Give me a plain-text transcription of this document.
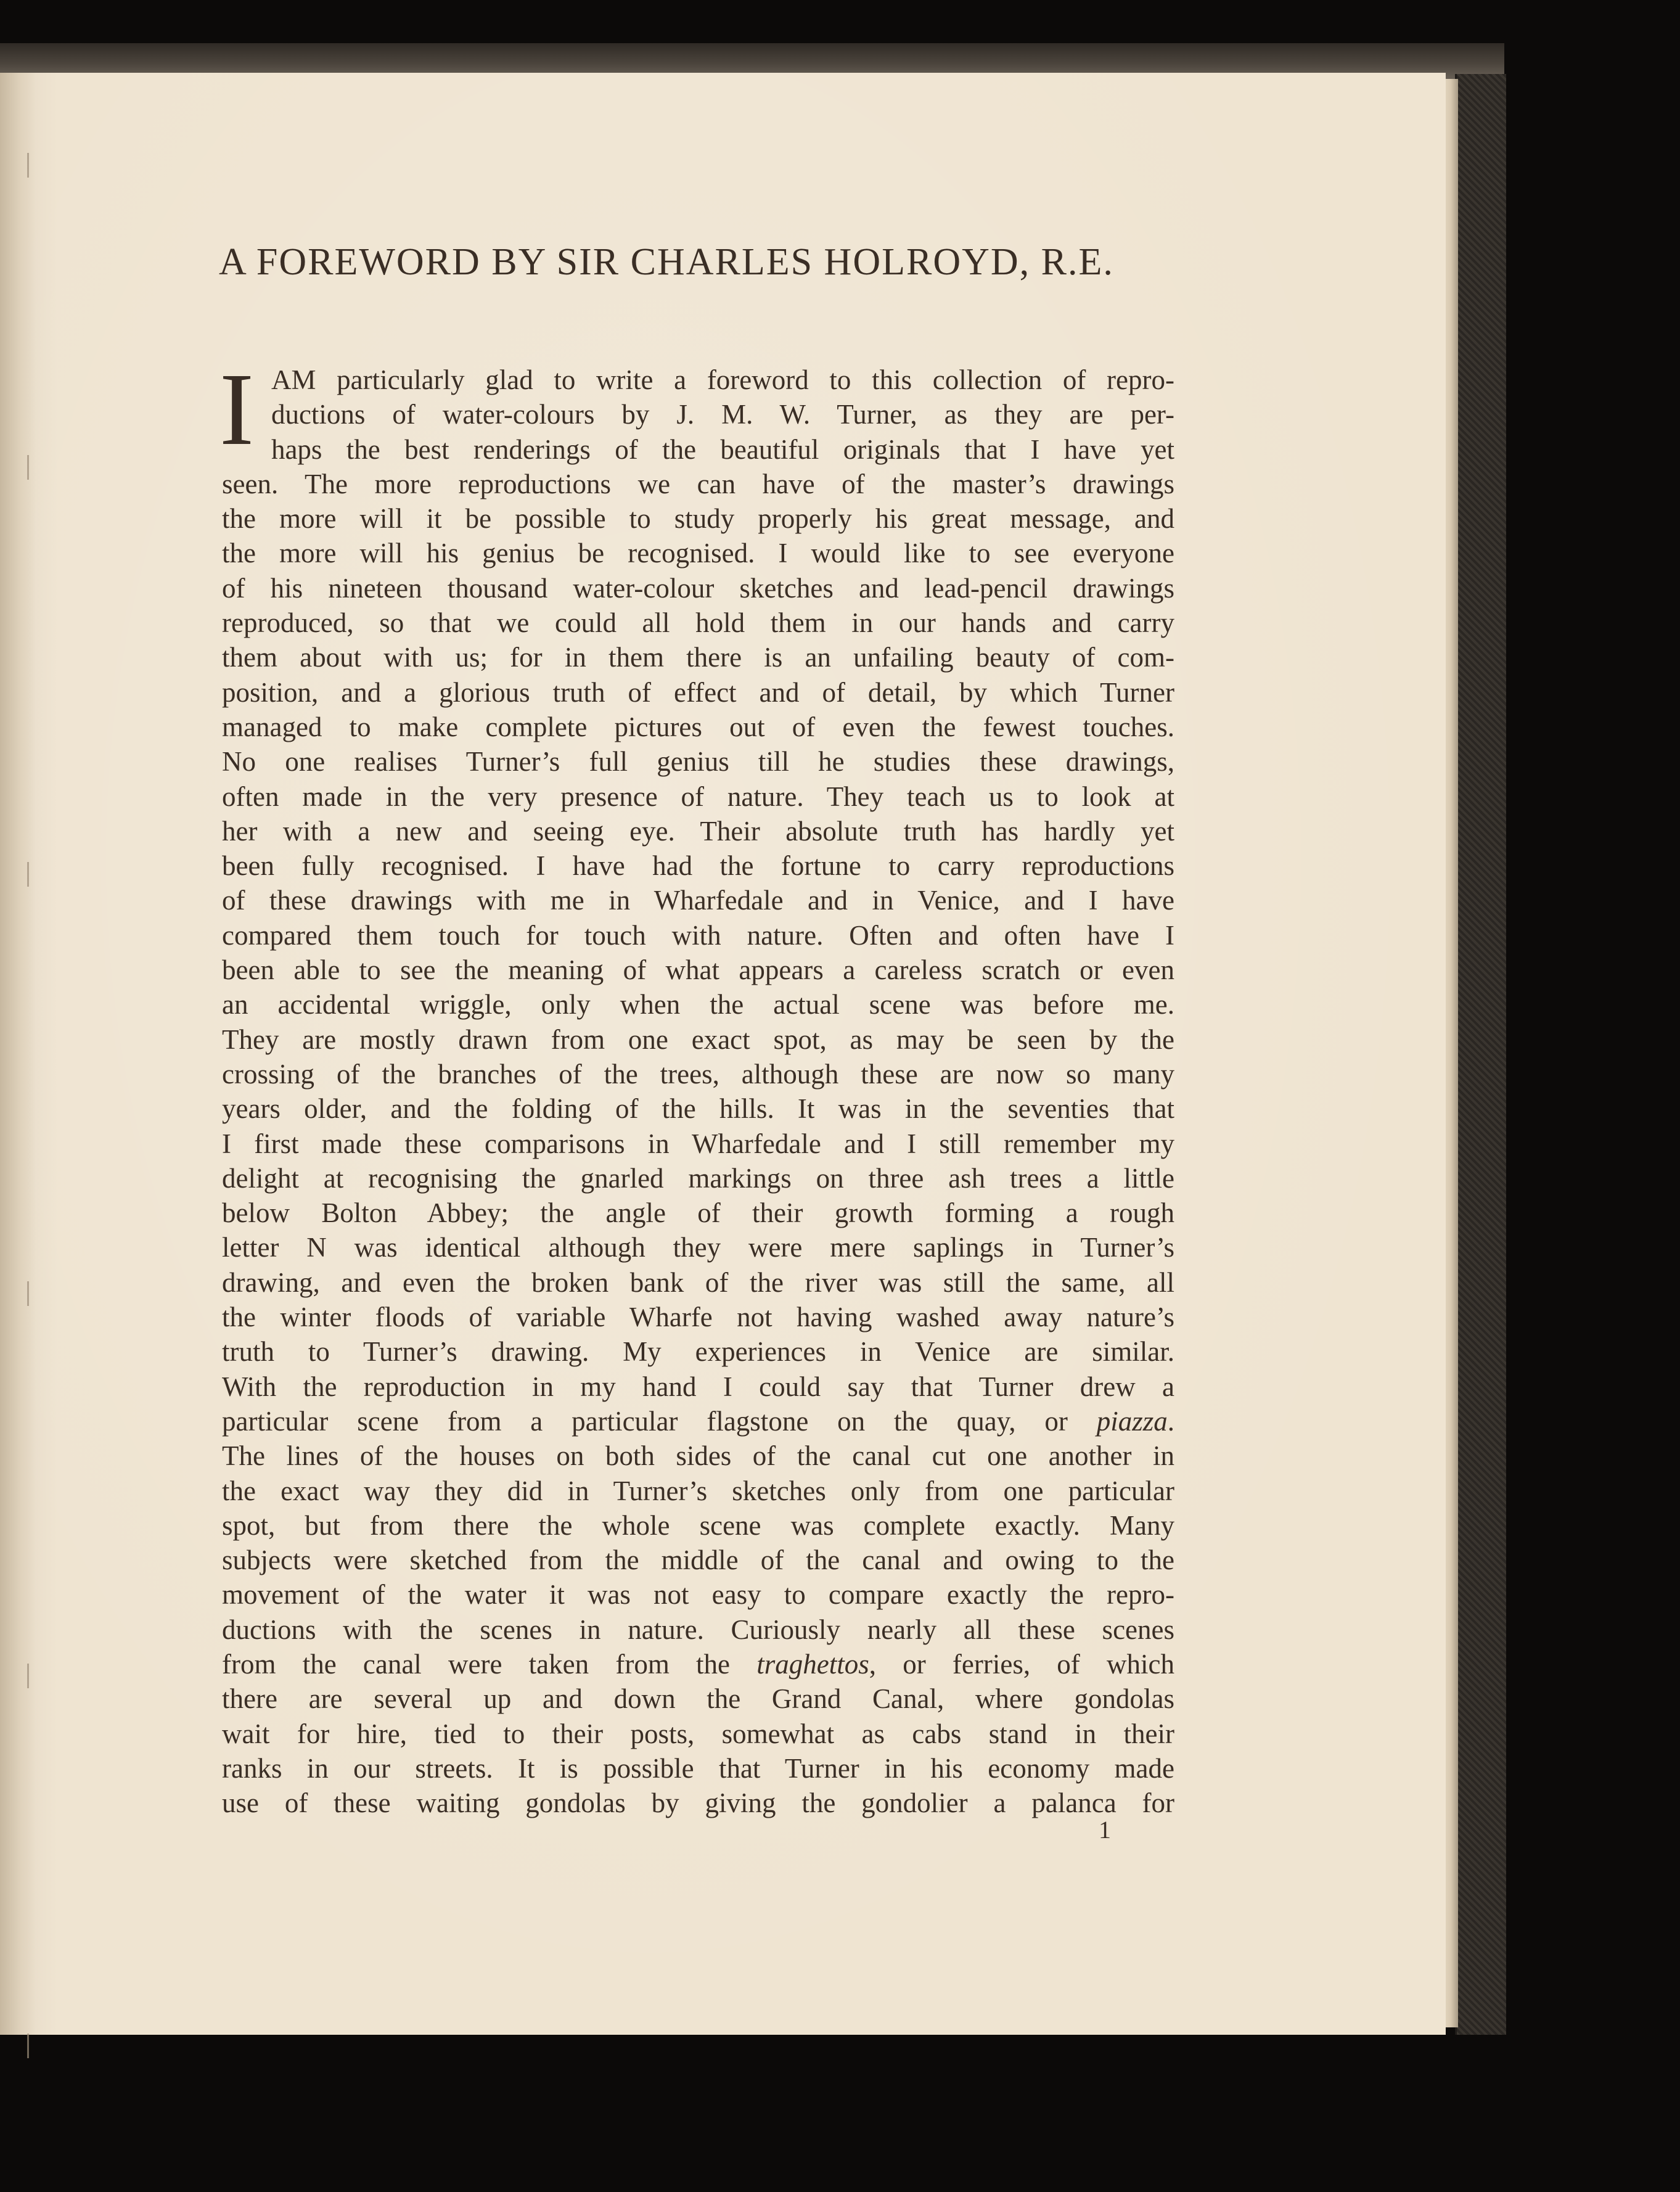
A FOREWORD BY SIR CHARLES HOLROYD, R.E.
I AM particularly glad to write a foreword to this collection of repro-
ductions of water-colours by J. M. W. Turner, as they are per-
haps the best renderings of the beautiful originals that I have yet
seen. The more reproductions we can have of the master’s drawings
the more will it be possible to study properly his great message, and
the more will his genius be recognised. I would like to see everyone
of his nineteen thousand water-colour sketches and lead-pencil drawings
reproduced, so that we could all hold them in our hands and carry
them about with us; for in them there is an unfailing beauty of com-
position, and a glorious truth of effect and of detail, by which Turner
managed to make complete pictures out of even the fewest touches.
No one realises Turner’s full genius till he studies these drawings,
often made in the very presence of nature. They teach us to look at
her with a new and seeing eye. Their absolute truth has hardly yet
been fully recognised. I have had the fortune to carry reproductions
of these drawings with me in Wharfedale and in Venice, and I have
compared them touch for touch with nature. Often and often have I
been able to see the meaning of what appears a careless scratch or even
an accidental wriggle, only when the actual scene was before me.
They are mostly drawn from one exact spot, as may be seen by the
crossing of the branches of the trees, although these are now so many
years older, and the folding of the hills. It was in the seventies that
I first made these comparisons in Wharfedale and I still remember my
delight at recognising the gnarled markings on three ash trees a little
below Bolton Abbey; the angle of their growth forming a rough
letter N was identical although they were mere saplings in Turner’s
drawing, and even the broken bank of the river was still the same, all
the winter floods of variable Wharfe not having washed away nature’s
truth to Turner’s drawing. My experiences in Venice are similar.
With the reproduction in my hand I could say that Turner drew a
particular scene from a particular flagstone on the quay, or piazza.
The lines of the houses on both sides of the canal cut one another in
the exact way they did in Turner’s sketches only from one particular
spot, but from there the whole scene was complete exactly. Many
subjects were sketched from the middle of the canal and owing to the
movement of the water it was not easy to compare exactly the repro-
ductions with the scenes in nature. Curiously nearly all these scenes
from the canal were taken from the traghettos, or ferries, of which
there are several up and down the Grand Canal, where gondolas
wait for hire, tied to their posts, somewhat as cabs stand in their
ranks in our streets. It is possible that Turner in his economy made
use of these waiting gondolas by giving the gondolier a palanca for

1
